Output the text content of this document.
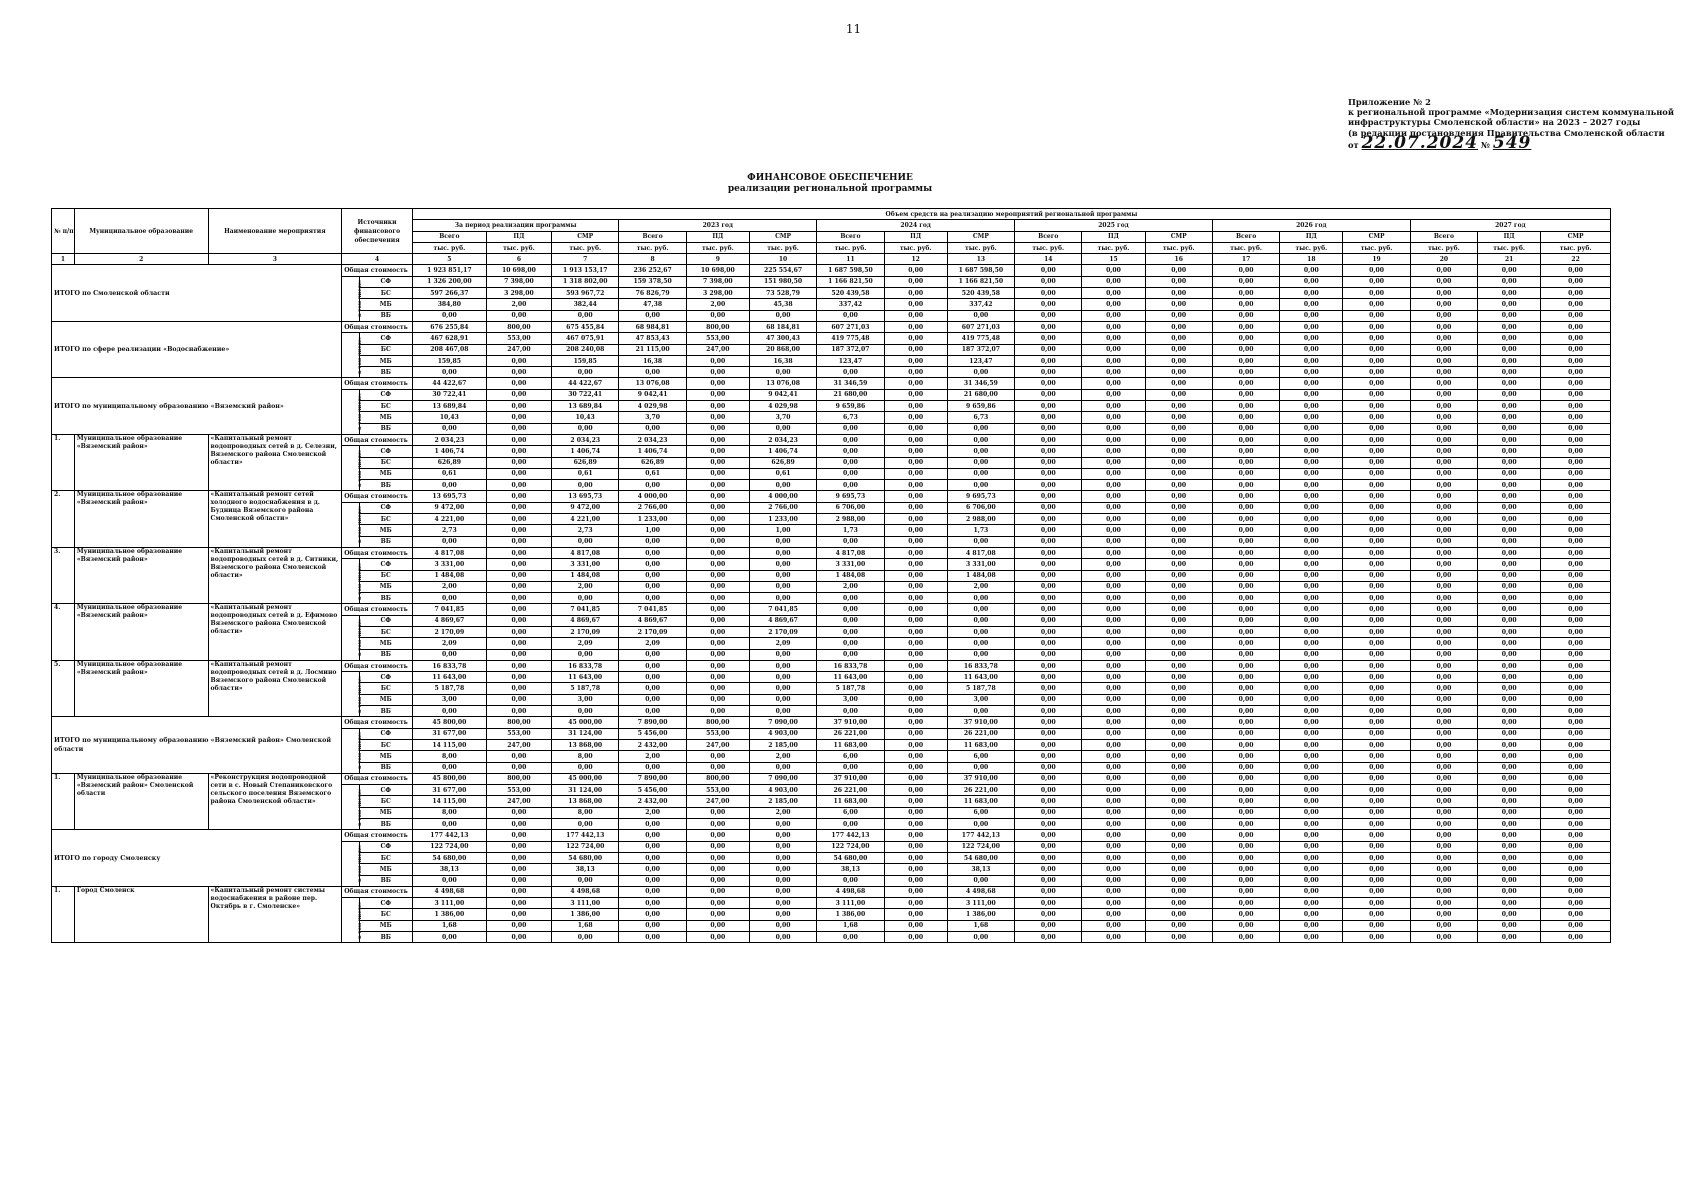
11
Приложение № 2
к региональной программе «Модернизация систем коммунальной
инфраструктуры Смоленской области» на 2023 – 2027 годы
(в редакции постановления Правительства Смоленской области
от 22.07.2024 № 549
ФИНАНСОВОЕ ОБЕСПЕЧЕНИЕ
реализации региональной программы
№ п/п	Муниципальное образование	Наименование мероприятия	Источники финансового обеспечения		Объем средств на реализацию мероприятий региональной программы																	
					За период реализации программы			2023 год			2024 год			2025 год			2026 год			2027 год		
					Всего	ПД	СМР	Всего	ПД	СМР	Всего	ПД	СМР	Всего	ПД	СМР	Всего	ПД	СМР	Всего	ПД	СМР
					тыс. руб.	тыс. руб.	тыс. руб.	тыс. руб.	тыс. руб.	тыс. руб.	тыс. руб.	тыс. руб.	тыс. руб.	тыс. руб.	тыс. руб.	тыс. руб.	тыс. руб.	тыс. руб.	тыс. руб.	тыс. руб.	тыс. руб.	тыс. руб.
1	2	3	4		5	6	7	8	9	10	11	12	13	14	15	16	17	18	19	20	21	22
ИТОГО по Смоленской области			Общая стоимость		1 923 851,17	10 698,00	1 913 153,17	236 252,67	10 698,00	225 554,67	1 687 598,50	0,00	1 687 598,50	0,00	0,00	0,00	0,00	0,00	0,00	0,00	0,00	0,00
			в том числе:	СФ	1 326 200,00	7 398,00	1 318 802,00	159 378,50	7 398,00	151 980,50	1 166 821,50	0,00	1 166 821,50	0,00	0,00	0,00	0,00	0,00	0,00	0,00	0,00	0,00
				БС	597 266,37	3 298,00	593 967,72	76 826,79	3 298,00	73 528,79	520 439,58	0,00	520 439,58	0,00	0,00	0,00	0,00	0,00	0,00	0,00	0,00	0,00
				МБ	384,80	2,00	382,44	47,38	2,00	45,38	337,42	0,00	337,42	0,00	0,00	0,00	0,00	0,00	0,00	0,00	0,00	0,00
				ВБ	0,00	0,00	0,00	0,00	0,00	0,00	0,00	0,00	0,00	0,00	0,00	0,00	0,00	0,00	0,00	0,00	0,00	0,00
ИТОГО по сфере реализации «Водоснабжение»			Общая стоимость		676 255,84	800,00	675 455,84	68 984,81	800,00	68 184,81	607 271,03	0,00	607 271,03	0,00	0,00	0,00	0,00	0,00	0,00	0,00	0,00	0,00
			в том числе:	СФ	467 628,91	553,00	467 075,91	47 853,43	553,00	47 300,43	419 775,48	0,00	419 775,48	0,00	0,00	0,00	0,00	0,00	0,00	0,00	0,00	0,00
				БС	208 467,08	247,00	208 240,08	21 115,00	247,00	20 868,00	187 372,07	0,00	187 372,07	0,00	0,00	0,00	0,00	0,00	0,00	0,00	0,00	0,00
				МБ	159,85	0,00	159,85	16,38	0,00	16,38	123,47	0,00	123,47	0,00	0,00	0,00	0,00	0,00	0,00	0,00	0,00	0,00
				ВБ	0,00	0,00	0,00	0,00	0,00	0,00	0,00	0,00	0,00	0,00	0,00	0,00	0,00	0,00	0,00	0,00	0,00	0,00
ИТОГО по муниципальному образованию «Вяземский район»			Общая стоимость		44 422,67	0,00	44 422,67	13 076,08	0,00	13 076,08	31 346,59	0,00	31 346,59	0,00	0,00	0,00	0,00	0,00	0,00	0,00	0,00	0,00
			в том числе:	СФ	30 722,41	0,00	30 722,41	9 042,41	0,00	9 042,41	21 680,00	0,00	21 680,00	0,00	0,00	0,00	0,00	0,00	0,00	0,00	0,00	0,00
				БС	13 689,84	0,00	13 689,84	4 029,98	0,00	4 029,98	9 659,86	0,00	9 659,86	0,00	0,00	0,00	0,00	0,00	0,00	0,00	0,00	0,00
				МБ	10,43	0,00	10,43	3,70	0,00	3,70	6,73	0,00	6,73	0,00	0,00	0,00	0,00	0,00	0,00	0,00	0,00	0,00
				ВБ	0,00	0,00	0,00	0,00	0,00	0,00	0,00	0,00	0,00	0,00	0,00	0,00	0,00	0,00	0,00	0,00	0,00	0,00
1.	Муниципальное образование «Вяземский район»	«Капитальный ремонт водопроводных сетей в д. Селезни, Вяземского района Смоленской области»	Общая стоимость		2 034,23	0,00	2 034,23	2 034,23	0,00	2 034,23	0,00	0,00	0,00	0,00	0,00	0,00	0,00	0,00	0,00	0,00	0,00	0,00
			в том числе:	СФ	1 406,74	0,00	1 406,74	1 406,74	0,00	1 406,74	0,00	0,00	0,00	0,00	0,00	0,00	0,00	0,00	0,00	0,00	0,00	0,00
				БС	626,89	0,00	626,89	626,89	0,00	626,89	0,00	0,00	0,00	0,00	0,00	0,00	0,00	0,00	0,00	0,00	0,00	0,00
				МБ	0,61	0,00	0,61	0,61	0,00	0,61	0,00	0,00	0,00	0,00	0,00	0,00	0,00	0,00	0,00	0,00	0,00	0,00
				ВБ	0,00	0,00	0,00	0,00	0,00	0,00	0,00	0,00	0,00	0,00	0,00	0,00	0,00	0,00	0,00	0,00	0,00	0,00
2.	Муниципальное образование «Вяземский район»	«Капитальный ремонт сетей холодного водоснабжения в д. Будница Вяземского района Смоленской области»	Общая стоимость		13 695,73	0,00	13 695,73	4 000,00	0,00	4 000,00	9 695,73	0,00	9 695,73	0,00	0,00	0,00	0,00	0,00	0,00	0,00	0,00	0,00
			в том числе:	СФ	9 472,00	0,00	9 472,00	2 766,00	0,00	2 766,00	6 706,00	0,00	6 706,00	0,00	0,00	0,00	0,00	0,00	0,00	0,00	0,00	0,00
				БС	4 221,00	0,00	4 221,00	1 233,00	0,00	1 233,00	2 988,00	0,00	2 988,00	0,00	0,00	0,00	0,00	0,00	0,00	0,00	0,00	0,00
				МБ	2,73	0,00	2,73	1,00	0,00	1,00	1,73	0,00	1,73	0,00	0,00	0,00	0,00	0,00	0,00	0,00	0,00	0,00
				ВБ	0,00	0,00	0,00	0,00	0,00	0,00	0,00	0,00	0,00	0,00	0,00	0,00	0,00	0,00	0,00	0,00	0,00	0,00
3.	Муниципальное образование «Вяземский район»	«Капитальный ремонт водопроводных сетей в д. Ситники, Вяземского района Смоленской области»	Общая стоимость		4 817,08	0,00	4 817,08	0,00	0,00	0,00	4 817,08	0,00	4 817,08	0,00	0,00	0,00	0,00	0,00	0,00	0,00	0,00	0,00
			в том числе:	СФ	3 331,00	0,00	3 331,00	0,00	0,00	0,00	3 331,00	0,00	3 331,00	0,00	0,00	0,00	0,00	0,00	0,00	0,00	0,00	0,00
				БС	1 484,08	0,00	1 484,08	0,00	0,00	0,00	1 484,08	0,00	1 484,08	0,00	0,00	0,00	0,00	0,00	0,00	0,00	0,00	0,00
				МБ	2,00	0,00	2,00	0,00	0,00	0,00	2,00	0,00	2,00	0,00	0,00	0,00	0,00	0,00	0,00	0,00	0,00	0,00
				ВБ	0,00	0,00	0,00	0,00	0,00	0,00	0,00	0,00	0,00	0,00	0,00	0,00	0,00	0,00	0,00	0,00	0,00	0,00
4.	Муниципальное образование «Вяземский район»	«Капитальный ремонт водопроводных сетей в д. Ефимово Вяземского района Смоленской области»	Общая стоимость		7 041,85	0,00	7 041,85	7 041,85	0,00	7 041,85	0,00	0,00	0,00	0,00	0,00	0,00	0,00	0,00	0,00	0,00	0,00	0,00
			в том числе:	СФ	4 869,67	0,00	4 869,67	4 869,67	0,00	4 869,67	0,00	0,00	0,00	0,00	0,00	0,00	0,00	0,00	0,00	0,00	0,00	0,00
				БС	2 170,09	0,00	2 170,09	2 170,09	0,00	2 170,09	0,00	0,00	0,00	0,00	0,00	0,00	0,00	0,00	0,00	0,00	0,00	0,00
				МБ	2,09	0,00	2,09	2,09	0,00	2,09	0,00	0,00	0,00	0,00	0,00	0,00	0,00	0,00	0,00	0,00	0,00	0,00
				ВБ	0,00	0,00	0,00	0,00	0,00	0,00	0,00	0,00	0,00	0,00	0,00	0,00	0,00	0,00	0,00	0,00	0,00	0,00
5.	Муниципальное образование «Вяземский район»	«Капитальный ремонт водопроводных сетей в д. Лосмино Вяземского района Смоленской области»	Общая стоимость		16 833,78	0,00	16 833,78	0,00	0,00	0,00	16 833,78	0,00	16 833,78	0,00	0,00	0,00	0,00	0,00	0,00	0,00	0,00	0,00
			в том числе:	СФ	11 643,00	0,00	11 643,00	0,00	0,00	0,00	11 643,00	0,00	11 643,00	0,00	0,00	0,00	0,00	0,00	0,00	0,00	0,00	0,00
				БС	5 187,78	0,00	5 187,78	0,00	0,00	0,00	5 187,78	0,00	5 187,78	0,00	0,00	0,00	0,00	0,00	0,00	0,00	0,00	0,00
				МБ	3,00	0,00	3,00	0,00	0,00	0,00	3,00	0,00	3,00	0,00	0,00	0,00	0,00	0,00	0,00	0,00	0,00	0,00
				ВБ	0,00	0,00	0,00	0,00	0,00	0,00	0,00	0,00	0,00	0,00	0,00	0,00	0,00	0,00	0,00	0,00	0,00	0,00
ИТОГО по муниципальному образованию «Вяземский район» Смоленской области			Общая стоимость		45 800,00	800,00	45 000,00	7 890,00	800,00	7 090,00	37 910,00	0,00	37 910,00	0,00	0,00	0,00	0,00	0,00	0,00	0,00	0,00	0,00
			в том числе:	СФ	31 677,00	553,00	31 124,00	5 456,00	553,00	4 903,00	26 221,00	0,00	26 221,00	0,00	0,00	0,00	0,00	0,00	0,00	0,00	0,00	0,00
				БС	14 115,00	247,00	13 868,00	2 432,00	247,00	2 185,00	11 683,00	0,00	11 683,00	0,00	0,00	0,00	0,00	0,00	0,00	0,00	0,00	0,00
				МБ	8,00	0,00	8,00	2,00	0,00	2,00	6,00	0,00	6,00	0,00	0,00	0,00	0,00	0,00	0,00	0,00	0,00	0,00
				ВБ	0,00	0,00	0,00	0,00	0,00	0,00	0,00	0,00	0,00	0,00	0,00	0,00	0,00	0,00	0,00	0,00	0,00	0,00
1.	Муниципальное образование «Вяземский район» Смоленской области	«Реконструкция водопроводной сети в с. Новый Степаниковского сельского поселения Вяземского района Смоленской области»	Общая стоимость		45 800,00	800,00	45 000,00	7 890,00	800,00	7 090,00	37 910,00	0,00	37 910,00	0,00	0,00	0,00	0,00	0,00	0,00	0,00	0,00	0,00
			в том числе:	СФ	31 677,00	553,00	31 124,00	5 456,00	553,00	4 903,00	26 221,00	0,00	26 221,00	0,00	0,00	0,00	0,00	0,00	0,00	0,00	0,00	0,00
				БС	14 115,00	247,00	13 868,00	2 432,00	247,00	2 185,00	11 683,00	0,00	11 683,00	0,00	0,00	0,00	0,00	0,00	0,00	0,00	0,00	0,00
				МБ	8,00	0,00	8,00	2,00	0,00	2,00	6,00	0,00	6,00	0,00	0,00	0,00	0,00	0,00	0,00	0,00	0,00	0,00
				ВБ	0,00	0,00	0,00	0,00	0,00	0,00	0,00	0,00	0,00	0,00	0,00	0,00	0,00	0,00	0,00	0,00	0,00	0,00
ИТОГО по городу Смоленску			Общая стоимость		177 442,13	0,00	177 442,13	0,00	0,00	0,00	177 442,13	0,00	177 442,13	0,00	0,00	0,00	0,00	0,00	0,00	0,00	0,00	0,00
			в том числе:	СФ	122 724,00	0,00	122 724,00	0,00	0,00	0,00	122 724,00	0,00	122 724,00	0,00	0,00	0,00	0,00	0,00	0,00	0,00	0,00	0,00
				БС	54 680,00	0,00	54 680,00	0,00	0,00	0,00	54 680,00	0,00	54 680,00	0,00	0,00	0,00	0,00	0,00	0,00	0,00	0,00	0,00
				МБ	38,13	0,00	38,13	0,00	0,00	0,00	38,13	0,00	38,13	0,00	0,00	0,00	0,00	0,00	0,00	0,00	0,00	0,00
				ВБ	0,00	0,00	0,00	0,00	0,00	0,00	0,00	0,00	0,00	0,00	0,00	0,00	0,00	0,00	0,00	0,00	0,00	0,00
1.	Город Смоленск	«Капитальный ремонт системы водоснабжения в районе пер. Октябрь в г. Смоленске»	Общая стоимость		4 498,68	0,00	4 498,68	0,00	0,00	0,00	4 498,68	0,00	4 498,68	0,00	0,00	0,00	0,00	0,00	0,00	0,00	0,00	0,00
			в том числе:	СФ	3 111,00	0,00	3 111,00	0,00	0,00	0,00	3 111,00	0,00	3 111,00	0,00	0,00	0,00	0,00	0,00	0,00	0,00	0,00	0,00
				БС	1 386,00	0,00	1 386,00	0,00	0,00	0,00	1 386,00	0,00	1 386,00	0,00	0,00	0,00	0,00	0,00	0,00	0,00	0,00	0,00
				МБ	1,68	0,00	1,68	0,00	0,00	0,00	1,68	0,00	1,68	0,00	0,00	0,00	0,00	0,00	0,00	0,00	0,00	0,00
				ВБ	0,00	0,00	0,00	0,00	0,00	0,00	0,00	0,00	0,00	0,00	0,00	0,00	0,00	0,00	0,00	0,00	0,00	0,00
